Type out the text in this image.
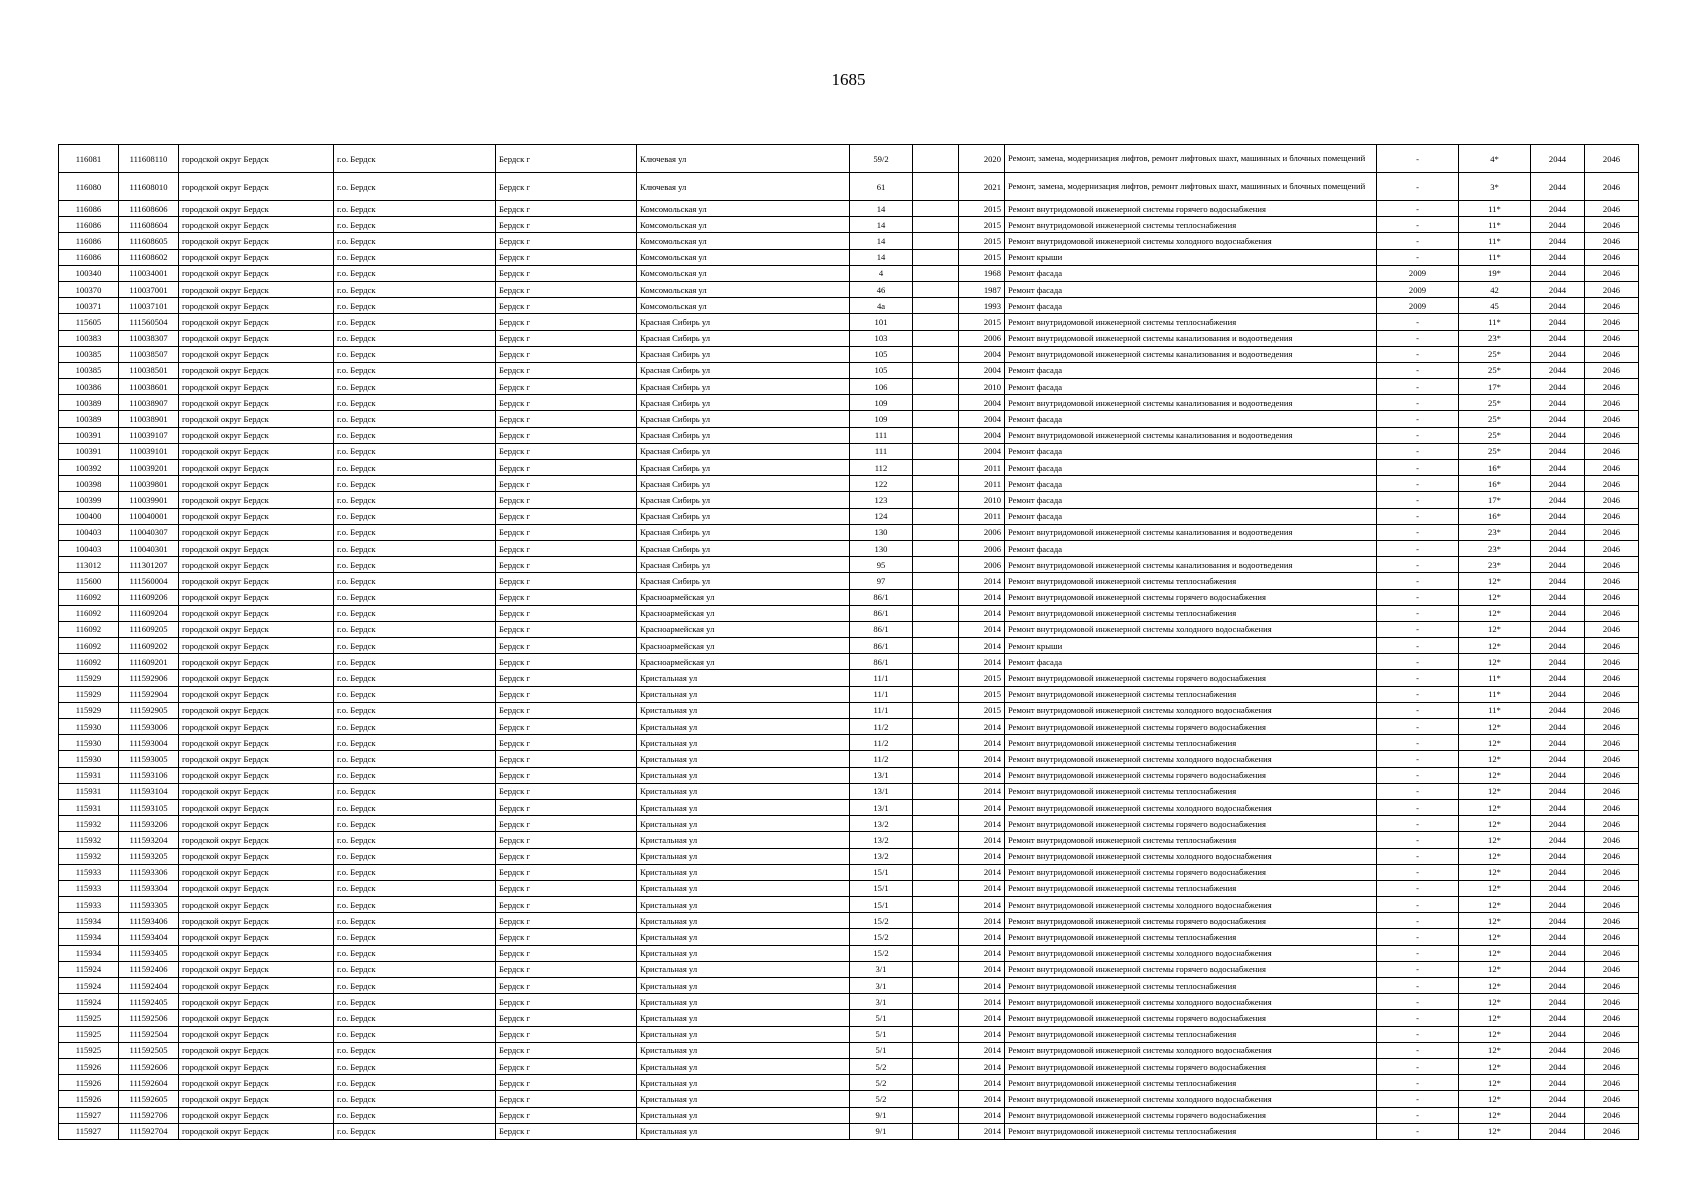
1685
116081	111608110	городской округ Бердск	г.о. Бердск	Бердск г	Ключевая ул	59/2		2020	Ремонт, замена, модернизация лифтов, ремонт лифтовых шахт, машинных и блочных помещений	-	4*	2044	2046
116080	111608010	городской округ Бердск	г.о. Бердск	Бердск г	Ключевая ул	61		2021	Ремонт, замена, модернизация лифтов, ремонт лифтовых шахт, машинных и блочных помещений	-	3*	2044	2046
116086	111608606	городской округ Бердск	г.о. Бердск	Бердск г	Комсомольская ул	14		2015	Ремонт внутридомовой инженерной системы горячего водоснабжения	-	11*	2044	2046
116086	111608604	городской округ Бердск	г.о. Бердск	Бердск г	Комсомольская ул	14		2015	Ремонт внутридомовой инженерной системы теплоснабжения	-	11*	2044	2046
116086	111608605	городской округ Бердск	г.о. Бердск	Бердск г	Комсомольская ул	14		2015	Ремонт внутридомовой инженерной системы холодного водоснабжения	-	11*	2044	2046
116086	111608602	городской округ Бердск	г.о. Бердск	Бердск г	Комсомольская ул	14		2015	Ремонт крыши	-	11*	2044	2046
100340	110034001	городской округ Бердск	г.о. Бердск	Бердск г	Комсомольская ул	4		1968	Ремонт фасада	2009	19*	2044	2046
100370	110037001	городской округ Бердск	г.о. Бердск	Бердск г	Комсомольская ул	46		1987	Ремонт фасада	2009	42	2044	2046
100371	110037101	городской округ Бердск	г.о. Бердск	Бердск г	Комсомольская ул	4а		1993	Ремонт фасада	2009	45	2044	2046
115605	111560504	городской округ Бердск	г.о. Бердск	Бердск г	Красная Сибирь ул	101		2015	Ремонт внутридомовой инженерной системы теплоснабжения	-	11*	2044	2046
100383	110038307	городской округ Бердск	г.о. Бердск	Бердск г	Красная Сибирь ул	103		2006	Ремонт внутридомовой инженерной системы канализования и водоотведения	-	23*	2044	2046
100385	110038507	городской округ Бердск	г.о. Бердск	Бердск г	Красная Сибирь ул	105		2004	Ремонт внутридомовой инженерной системы канализования и водоотведения	-	25*	2044	2046
100385	110038501	городской округ Бердск	г.о. Бердск	Бердск г	Красная Сибирь ул	105		2004	Ремонт фасада	-	25*	2044	2046
100386	110038601	городской округ Бердск	г.о. Бердск	Бердск г	Красная Сибирь ул	106		2010	Ремонт фасада	-	17*	2044	2046
100389	110038907	городской округ Бердск	г.о. Бердск	Бердск г	Красная Сибирь ул	109		2004	Ремонт внутридомовой инженерной системы канализования и водоотведения	-	25*	2044	2046
100389	110038901	городской округ Бердск	г.о. Бердск	Бердск г	Красная Сибирь ул	109		2004	Ремонт фасада	-	25*	2044	2046
100391	110039107	городской округ Бердск	г.о. Бердск	Бердск г	Красная Сибирь ул	111		2004	Ремонт внутридомовой инженерной системы канализования и водоотведения	-	25*	2044	2046
100391	110039101	городской округ Бердск	г.о. Бердск	Бердск г	Красная Сибирь ул	111		2004	Ремонт фасада	-	25*	2044	2046
100392	110039201	городской округ Бердск	г.о. Бердск	Бердск г	Красная Сибирь ул	112		2011	Ремонт фасада	-	16*	2044	2046
100398	110039801	городской округ Бердск	г.о. Бердск	Бердск г	Красная Сибирь ул	122		2011	Ремонт фасада	-	16*	2044	2046
100399	110039901	городской округ Бердск	г.о. Бердск	Бердск г	Красная Сибирь ул	123		2010	Ремонт фасада	-	17*	2044	2046
100400	110040001	городской округ Бердск	г.о. Бердск	Бердск г	Красная Сибирь ул	124		2011	Ремонт фасада	-	16*	2044	2046
100403	110040307	городской округ Бердск	г.о. Бердск	Бердск г	Красная Сибирь ул	130		2006	Ремонт внутридомовой инженерной системы канализования и водоотведения	-	23*	2044	2046
100403	110040301	городской округ Бердск	г.о. Бердск	Бердск г	Красная Сибирь ул	130		2006	Ремонт фасада	-	23*	2044	2046
113012	111301207	городской округ Бердск	г.о. Бердск	Бердск г	Красная Сибирь ул	95		2006	Ремонт внутридомовой инженерной системы канализования и водоотведения	-	23*	2044	2046
115600	111560004	городской округ Бердск	г.о. Бердск	Бердск г	Красная Сибирь ул	97		2014	Ремонт внутридомовой инженерной системы теплоснабжения	-	12*	2044	2046
116092	111609206	городской округ Бердск	г.о. Бердск	Бердск г	Красноармейская ул	86/1		2014	Ремонт внутридомовой инженерной системы горячего водоснабжения	-	12*	2044	2046
116092	111609204	городской округ Бердск	г.о. Бердск	Бердск г	Красноармейская ул	86/1		2014	Ремонт внутридомовой инженерной системы теплоснабжения	-	12*	2044	2046
116092	111609205	городской округ Бердск	г.о. Бердск	Бердск г	Красноармейская ул	86/1		2014	Ремонт внутридомовой инженерной системы холодного водоснабжения	-	12*	2044	2046
116092	111609202	городской округ Бердск	г.о. Бердск	Бердск г	Красноармейская ул	86/1		2014	Ремонт крыши	-	12*	2044	2046
116092	111609201	городской округ Бердск	г.о. Бердск	Бердск г	Красноармейская ул	86/1		2014	Ремонт фасада	-	12*	2044	2046
115929	111592906	городской округ Бердск	г.о. Бердск	Бердск г	Кристальная ул	11/1		2015	Ремонт внутридомовой инженерной системы горячего водоснабжения	-	11*	2044	2046
115929	111592904	городской округ Бердск	г.о. Бердск	Бердск г	Кристальная ул	11/1		2015	Ремонт внутридомовой инженерной системы теплоснабжения	-	11*	2044	2046
115929	111592905	городской округ Бердск	г.о. Бердск	Бердск г	Кристальная ул	11/1		2015	Ремонт внутридомовой инженерной системы холодного водоснабжения	-	11*	2044	2046
115930	111593006	городской округ Бердск	г.о. Бердск	Бердск г	Кристальная ул	11/2		2014	Ремонт внутридомовой инженерной системы горячего водоснабжения	-	12*	2044	2046
115930	111593004	городской округ Бердск	г.о. Бердск	Бердск г	Кристальная ул	11/2		2014	Ремонт внутридомовой инженерной системы теплоснабжения	-	12*	2044	2046
115930	111593005	городской округ Бердск	г.о. Бердск	Бердск г	Кристальная ул	11/2		2014	Ремонт внутридомовой инженерной системы холодного водоснабжения	-	12*	2044	2046
115931	111593106	городской округ Бердск	г.о. Бердск	Бердск г	Кристальная ул	13/1		2014	Ремонт внутридомовой инженерной системы горячего водоснабжения	-	12*	2044	2046
115931	111593104	городской округ Бердск	г.о. Бердск	Бердск г	Кристальная ул	13/1		2014	Ремонт внутридомовой инженерной системы теплоснабжения	-	12*	2044	2046
115931	111593105	городской округ Бердск	г.о. Бердск	Бердск г	Кристальная ул	13/1		2014	Ремонт внутридомовой инженерной системы холодного водоснабжения	-	12*	2044	2046
115932	111593206	городской округ Бердск	г.о. Бердск	Бердск г	Кристальная ул	13/2		2014	Ремонт внутридомовой инженерной системы горячего водоснабжения	-	12*	2044	2046
115932	111593204	городской округ Бердск	г.о. Бердск	Бердск г	Кристальная ул	13/2		2014	Ремонт внутридомовой инженерной системы теплоснабжения	-	12*	2044	2046
115932	111593205	городской округ Бердск	г.о. Бердск	Бердск г	Кристальная ул	13/2		2014	Ремонт внутридомовой инженерной системы холодного водоснабжения	-	12*	2044	2046
115933	111593306	городской округ Бердск	г.о. Бердск	Бердск г	Кристальная ул	15/1		2014	Ремонт внутридомовой инженерной системы горячего водоснабжения	-	12*	2044	2046
115933	111593304	городской округ Бердск	г.о. Бердск	Бердск г	Кристальная ул	15/1		2014	Ремонт внутридомовой инженерной системы теплоснабжения	-	12*	2044	2046
115933	111593305	городской округ Бердск	г.о. Бердск	Бердск г	Кристальная ул	15/1		2014	Ремонт внутридомовой инженерной системы холодного водоснабжения	-	12*	2044	2046
115934	111593406	городской округ Бердск	г.о. Бердск	Бердск г	Кристальная ул	15/2		2014	Ремонт внутридомовой инженерной системы горячего водоснабжения	-	12*	2044	2046
115934	111593404	городской округ Бердск	г.о. Бердск	Бердск г	Кристальная ул	15/2		2014	Ремонт внутридомовой инженерной системы теплоснабжения	-	12*	2044	2046
115934	111593405	городской округ Бердск	г.о. Бердск	Бердск г	Кристальная ул	15/2		2014	Ремонт внутридомовой инженерной системы холодного водоснабжения	-	12*	2044	2046
115924	111592406	городской округ Бердск	г.о. Бердск	Бердск г	Кристальная ул	3/1		2014	Ремонт внутридомовой инженерной системы горячего водоснабжения	-	12*	2044	2046
115924	111592404	городской округ Бердск	г.о. Бердск	Бердск г	Кристальная ул	3/1		2014	Ремонт внутридомовой инженерной системы теплоснабжения	-	12*	2044	2046
115924	111592405	городской округ Бердск	г.о. Бердск	Бердск г	Кристальная ул	3/1		2014	Ремонт внутридомовой инженерной системы холодного водоснабжения	-	12*	2044	2046
115925	111592506	городской округ Бердск	г.о. Бердск	Бердск г	Кристальная ул	5/1		2014	Ремонт внутридомовой инженерной системы горячего водоснабжения	-	12*	2044	2046
115925	111592504	городской округ Бердск	г.о. Бердск	Бердск г	Кристальная ул	5/1		2014	Ремонт внутридомовой инженерной системы теплоснабжения	-	12*	2044	2046
115925	111592505	городской округ Бердск	г.о. Бердск	Бердск г	Кристальная ул	5/1		2014	Ремонт внутридомовой инженерной системы холодного водоснабжения	-	12*	2044	2046
115926	111592606	городской округ Бердск	г.о. Бердск	Бердск г	Кристальная ул	5/2		2014	Ремонт внутридомовой инженерной системы горячего водоснабжения	-	12*	2044	2046
115926	111592604	городской округ Бердск	г.о. Бердск	Бердск г	Кристальная ул	5/2		2014	Ремонт внутридомовой инженерной системы теплоснабжения	-	12*	2044	2046
115926	111592605	городской округ Бердск	г.о. Бердск	Бердск г	Кристальная ул	5/2		2014	Ремонт внутридомовой инженерной системы холодного водоснабжения	-	12*	2044	2046
115927	111592706	городской округ Бердск	г.о. Бердск	Бердск г	Кристальная ул	9/1		2014	Ремонт внутридомовой инженерной системы горячего водоснабжения	-	12*	2044	2046
115927	111592704	городской округ Бердск	г.о. Бердск	Бердск г	Кристальная ул	9/1		2014	Ремонт внутридомовой инженерной системы теплоснабжения	-	12*	2044	2046
